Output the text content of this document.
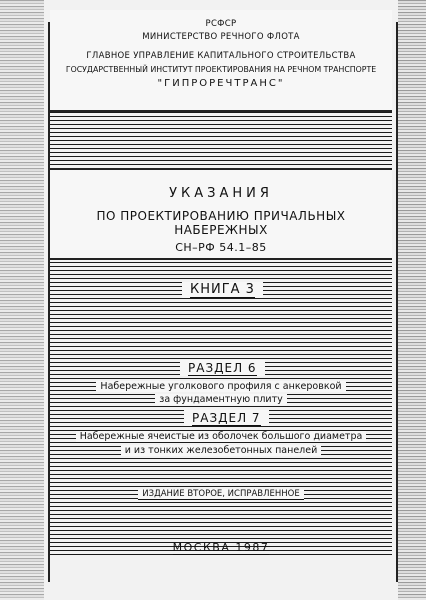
РСФСР
МИНИСТЕРСТВО РЕЧНОГО ФЛОТА
ГЛАВНОЕ УПРАВЛЕНИЕ КАПИТАЛЬНОГО СТРОИТЕЛЬСТВА
ГОСУДАРСТВЕННЫЙ ИНСТИТУТ ПРОЕКТИРОВАНИЯ НА РЕЧНОМ ТРАНСПОРТЕ
"ГИПРОРЕЧТРАНС"
УКАЗАНИЯ
ПО ПРОЕКТИРОВАНИЮ ПРИЧАЛЬНЫХ НАБЕРЕЖНЫХ
СН–РФ 54.1–85
КНИГА 3
РАЗДЕЛ 6
Набережные уголкового профиля с анкеровкой
за фундаментную плиту
РАЗДЕЛ 7
Набережные ячеистые из оболочек большого диаметра
и из тонких железобетонных панелей
ИЗДАНИЕ ВТОРОЕ, ИСПРАВЛЕННОЕ
МОСКВА 1987
